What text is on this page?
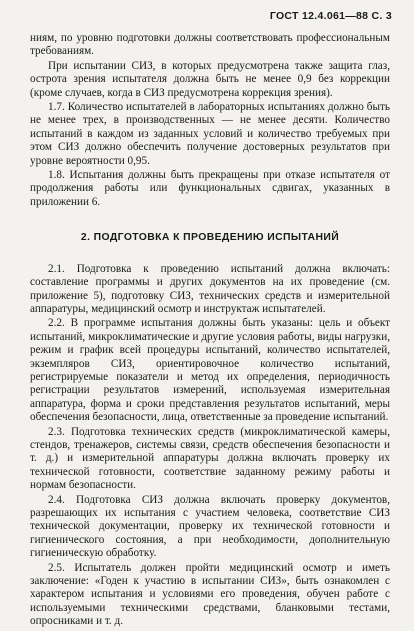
ГОСТ 12.4.061—88 С. 3

ниям, по уровню подготовки должны соответствовать профессиональным требованиям.

При испытании СИЗ, в которых предусмотрена также защита глаз, острота зрения испытателя должна быть не менее 0,9 без коррекции (кроме случаев, когда в СИЗ предусмотрена коррекция зрения).

1.7. Количество испытателей в лабораторных испытаниях должно быть не менее трех, в производственных — не менее десяти. Количество испытаний в каждом из заданных условий и количество требуемых при этом СИЗ должно обеспечить получение достоверных результатов при уровне вероятности 0,95.

1.8. Испытания должны быть прекращены при отказе испытателя от продолжения работы или функциональных сдвигах, указанных в приложении 6.

2. ПОДГОТОВКА К ПРОВЕДЕНИЮ ИСПЫТАНИЙ

2.1. Подготовка к проведению испытаний должна включать: составление программы и других документов на их проведение (см. приложение 5), подготовку СИЗ, технических средств и измерительной аппаратуры, медицинский осмотр и инструктаж испытателей.

2.2. В программе испытания должны быть указаны: цель и объект испытаний, микроклиматические и другие условия работы, виды нагрузки, режим и график всей процедуры испытаний, количество испытателей, экземпляров СИЗ, ориентировочное количество испытаний, регистрируемые показатели и метод их определения, периодичность регистрации результатов измерений, используемая измерительная аппаратура, форма и сроки представления результатов испытаний, меры обеспечения безопасности, лица, ответственные за проведение испытаний.

2.3. Подготовка технических средств (микроклиматической камеры, стендов, тренажеров, системы связи, средств обеспечения безопасности и т. д.) и измерительной аппаратуры должна включать проверку их технической готовности, соответствие заданному режиму работы и нормам безопасности.

2.4. Подготовка СИЗ должна включать проверку документов, разрешающих их испытания с участием человека, соответствие СИЗ технической документации, проверку их технической готовности и гигиенического состояния, а при необходимости, дополнительную гигиеническую обработку.

2.5. Испытатель должен пройти медицинский осмотр и иметь заключение: «Годен к участию в испытании СИЗ», быть ознакомлен с характером испытания и условиями его проведения, обучен работе с используемыми техническими средствами, бланковыми тестами, опросниками и т. д.
